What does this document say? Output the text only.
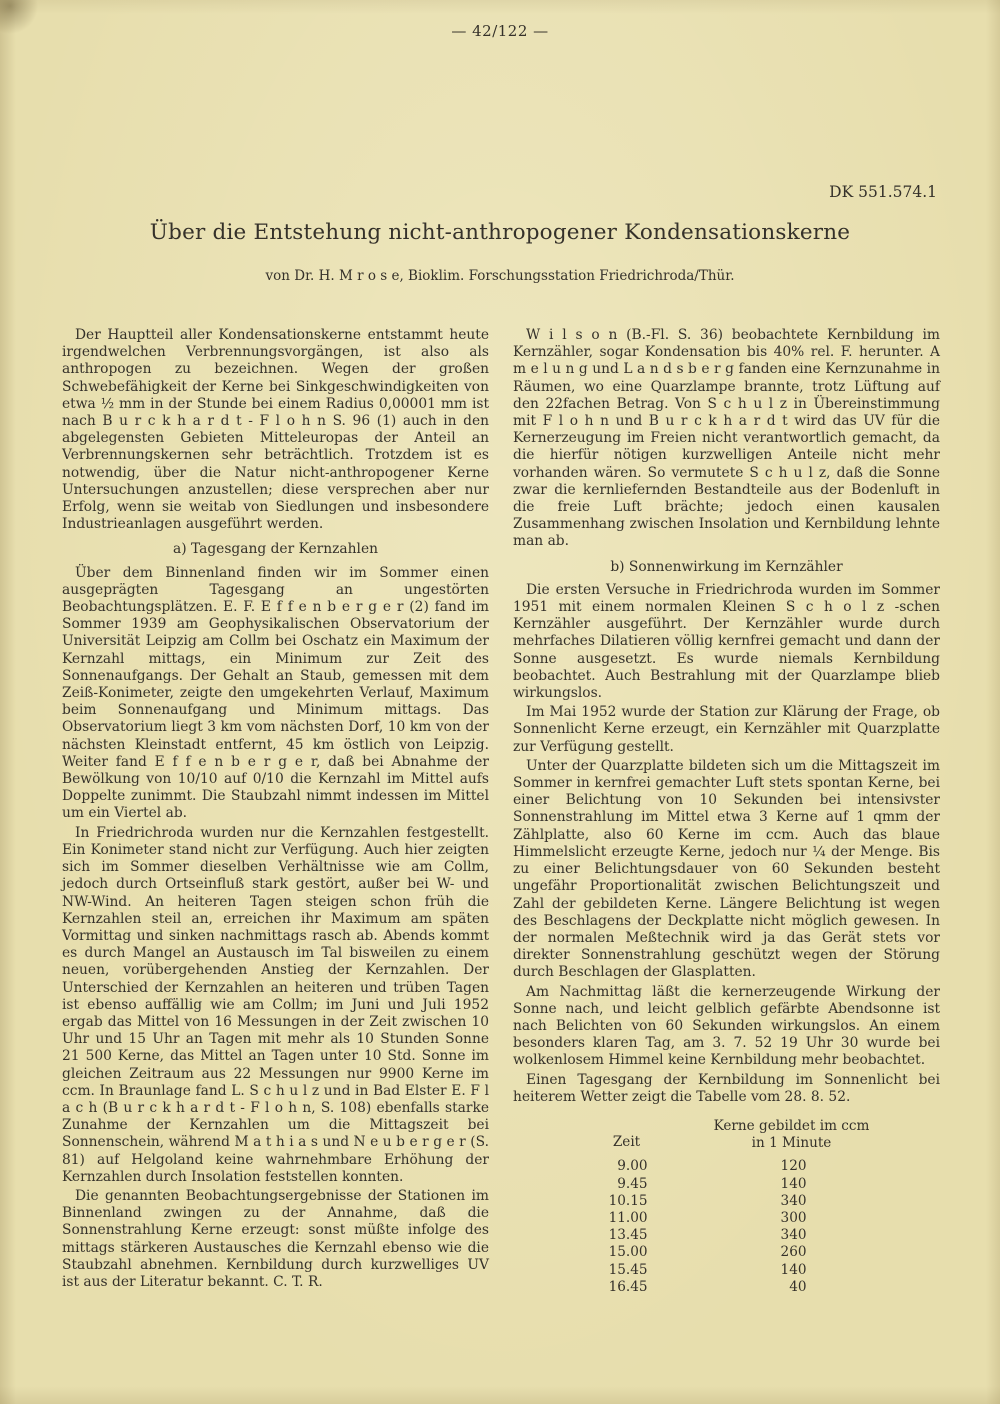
— 42/122 —
DK 551.574.1
Über die Entstehung nicht-anthropogener Kondensationskerne
von Dr. H. M r o s e, Bioklim. Forschungsstation Friedrichroda/Thür.

Der Hauptteil aller Kondensationskerne entstammt heute irgendwelchen Verbrennungsvorgängen, ist also als anthropogen zu bezeichnen. Wegen der großen Schwebefähigkeit der Kerne bei Sinkgeschwindigkeiten von etwa ½ mm in der Stunde bei einem Radius 0,00001 mm ist nach B u r c k h a r d t - F l o h n S. 96 (1) auch in den abgelegensten Gebieten Mitteleuropas der Anteil an Verbrennungskernen sehr beträchtlich. Trotzdem ist es notwendig, über die Natur nicht-anthropogener Kerne Untersuchungen anzustellen; diese versprechen aber nur Erfolg, wenn sie weitab von Siedlungen und insbesondere Industrieanlagen ausgeführt werden.

a) Tagesgang der Kernzahlen

Über dem Binnenland finden wir im Sommer einen ausgeprägten Tagesgang an ungestörten Beobachtungsplätzen. E. F. E f f e n b e r g e r (2) fand im Sommer 1939 am Geophysikalischen Observatorium der Universität Leipzig am Collm bei Oschatz ein Maximum der Kernzahl mittags, ein Minimum zur Zeit des Sonnenaufgangs. Der Gehalt an Staub, gemessen mit dem Zeiß-Konimeter, zeigte den umgekehrten Verlauf, Maximum beim Sonnenaufgang und Minimum mittags. Das Observatorium liegt 3 km vom nächsten Dorf, 10 km von der nächsten Kleinstadt entfernt, 45 km östlich von Leipzig. Weiter fand E f f e n b e r g e r, daß bei Abnahme der Bewölkung von 10/10 auf 0/10 die Kernzahl im Mittel aufs Doppelte zunimmt. Die Staubzahl nimmt indessen im Mittel um ein Viertel ab.

In Friedrichroda wurden nur die Kernzahlen festgestellt. Ein Konimeter stand nicht zur Verfügung. Auch hier zeigten sich im Sommer dieselben Verhältnisse wie am Collm, jedoch durch Ortseinfluß stark gestört, außer bei W- und NW-Wind. An heiteren Tagen steigen schon früh die Kernzahlen steil an, erreichen ihr Maximum am späten Vormittag und sinken nachmittags rasch ab. Abends kommt es durch Mangel an Austausch im Tal bisweilen zu einem neuen, vorübergehenden Anstieg der Kernzahlen. Der Unterschied der Kernzahlen an heiteren und trüben Tagen ist ebenso auffällig wie am Collm; im Juni und Juli 1952 ergab das Mittel von 16 Messungen in der Zeit zwischen 10 Uhr und 15 Uhr an Tagen mit mehr als 10 Stunden Sonne 21 500 Kerne, das Mittel an Tagen unter 10 Std. Sonne im gleichen Zeitraum aus 22 Messungen nur 9900 Kerne im ccm. In Braunlage fand L. S c h u l z und in Bad Elster E. F l a c h (B u r c k h a r d t - F l o h n, S. 108) ebenfalls starke Zunahme der Kernzahlen um die Mittagszeit bei Sonnenschein, während M a t h i a s und N e u b e r g e r (S. 81) auf Helgoland keine wahrnehmbare Erhöhung der Kernzahlen durch Insolation feststellen konnten.

Die genannten Beobachtungsergebnisse der Stationen im Binnenland zwingen zu der Annahme, daß die Sonnenstrahlung Kerne erzeugt: sonst müßte infolge des mittags stärkeren Austausches die Kernzahl ebenso wie die Staubzahl abnehmen. Kernbildung durch kurzwelliges UV ist aus der Literatur bekannt. C. T. R.

W i l s o n (B.-Fl. S. 36) beobachtete Kernbildung im Kernzähler, sogar Kondensation bis 40% rel. F. herunter. A m e l u n g und L a n d s b e r g fanden eine Kernzunahme in Räumen, wo eine Quarzlampe brannte, trotz Lüftung auf den 22fachen Betrag. Von S c h u l z in Übereinstimmung mit F l o h n und B u r c k h a r d t wird das UV für die Kernerzeugung im Freien nicht verantwortlich gemacht, da die hierfür nötigen kurzwelligen Anteile nicht mehr vorhanden wären. So vermutete S c h u l z, daß die Sonne zwar die kernliefernden Bestandteile aus der Bodenluft in die freie Luft brächte; jedoch einen kausalen Zusammenhang zwischen Insolation und Kernbildung lehnte man ab.

b) Sonnenwirkung im Kernzähler

Die ersten Versuche in Friedrichroda wurden im Sommer 1951 mit einem normalen Kleinen S c h o l z -schen Kernzähler ausgeführt. Der Kernzähler wurde durch mehrfaches Dilatieren völlig kernfrei gemacht und dann der Sonne ausgesetzt. Es wurde niemals Kernbildung beobachtet. Auch Bestrahlung mit der Quarzlampe blieb wirkungslos.

Im Mai 1952 wurde der Station zur Klärung der Frage, ob Sonnenlicht Kerne erzeugt, ein Kernzähler mit Quarzplatte zur Verfügung gestellt.

Unter der Quarzplatte bildeten sich um die Mittagszeit im Sommer in kernfrei gemachter Luft stets spontan Kerne, bei einer Belichtung von 10 Sekunden bei intensivster Sonnenstrahlung im Mittel etwa 3 Kerne auf 1 qmm der Zählplatte, also 60 Kerne im ccm. Auch das blaue Himmelslicht erzeugte Kerne, jedoch nur ¼ der Menge. Bis zu einer Belichtungsdauer von 60 Sekunden besteht ungefähr Proportionalität zwischen Belichtungszeit und Zahl der gebildeten Kerne. Längere Belichtung ist wegen des Beschlagens der Deckplatte nicht möglich gewesen. In der normalen Meßtechnik wird ja das Gerät stets vor direkter Sonnenstrahlung geschützt wegen der Störung durch Beschlagen der Glasplatten.

Am Nachmittag läßt die kernerzeugende Wirkung der Sonne nach, und leicht gelblich gefärbte Abendsonne ist nach Belichten von 60 Sekunden wirkungslos. An einem besonders klaren Tag, am 3. 7. 52 19 Uhr 30 wurde bei wolkenlosem Himmel keine Kernbildung mehr beobachtet.

Einen Tagesgang der Kernbildung im Sonnenlicht bei heiterem Wetter zeigt die Tabelle vom 28. 8. 52.

Zeit
Kerne gebildet im ccm
in 1 Minute
9.00	120
9.45	140
10.15	340
11.00	300
13.45	340
15.00	260
15.45	140
16.45	40
